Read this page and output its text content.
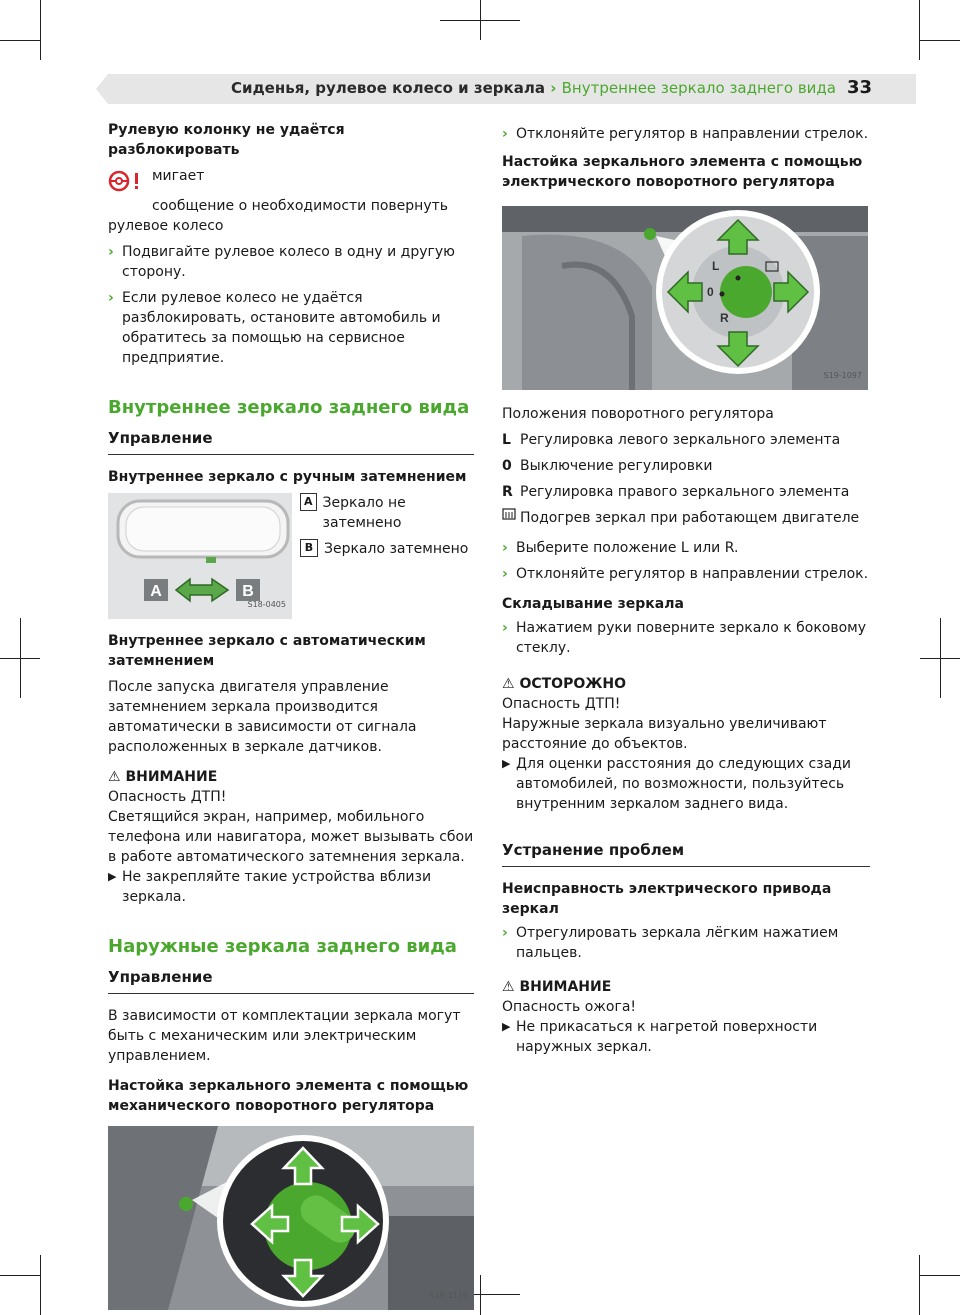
Сиденья, рулевое колесо и зеркала › Внутреннее зеркало заднего вида 33
Рулевую колонку не удаётся разблокировать
мигает
сообщение о необходимости повернуть рулевое колесо
› Подвигайте рулевое колесо в одну и другую сторону.
› Если рулевое колесо не удаётся разблокировать, остановите автомобиль и обратитесь за помощью на сервисное предприятие.
Внутреннее зеркало заднего вида
Управление
Внутреннее зеркало с ручным затемнением
A	B
S18-0405
A Зеркало не затемнено
B Зеркало затемнено
Внутреннее зеркало с автоматическим затемнением
После запуска двигателя управление затемнением зеркала производится автоматически в зависимости от сигнала расположенных в зеркале датчиков.
⚠ ВНИМАНИЕ
Опасность ДТП!
Светящийся экран, например, мобильного телефона или навигатора, может вызывать сбои в работе автоматического затемнения зеркала.
▶ Не закрепляйте такие устройства вблизи зеркала.
Наружные зеркала заднего вида
Управление
В зависимости от комплектации зеркала могут быть с механическим или электрическим управлением.
Настойка зеркального элемента с помощью механического поворотного регулятора
S19-1119
› Отклоняйте регулятор в направлении стрелок.
Настойка зеркального элемента с помощью электрического поворотного регулятора
L
0
R
S19-1097
Положения поворотного регулятора
L Регулировка левого зеркального элемента
0 Выключение регулировки
R Регулировка правого зеркального элемента
Подогрев зеркал при работающем двигателе
› Выберите положение L или R.
› Отклоняйте регулятор в направлении стрелок.
Складывание зеркала
› Нажатием руки поверните зеркало к боковому стеклу.
⚠ ОСТОРОЖНО
Опасность ДТП!
Наружные зеркала визуально увеличивают расстояние до объектов.
▶ Для оценки расстояния до следующих сзади автомобилей, по возможности, пользуйтесь внутренним зеркалом заднего вида.
Устранение проблем
Неисправность электрического привода зеркал
› Отрегулировать зеркала лёгким нажатием пальцев.
⚠ ВНИМАНИЕ
Опасность ожога!
▶ Не прикасаться к нагретой поверхности наружных зеркал.
